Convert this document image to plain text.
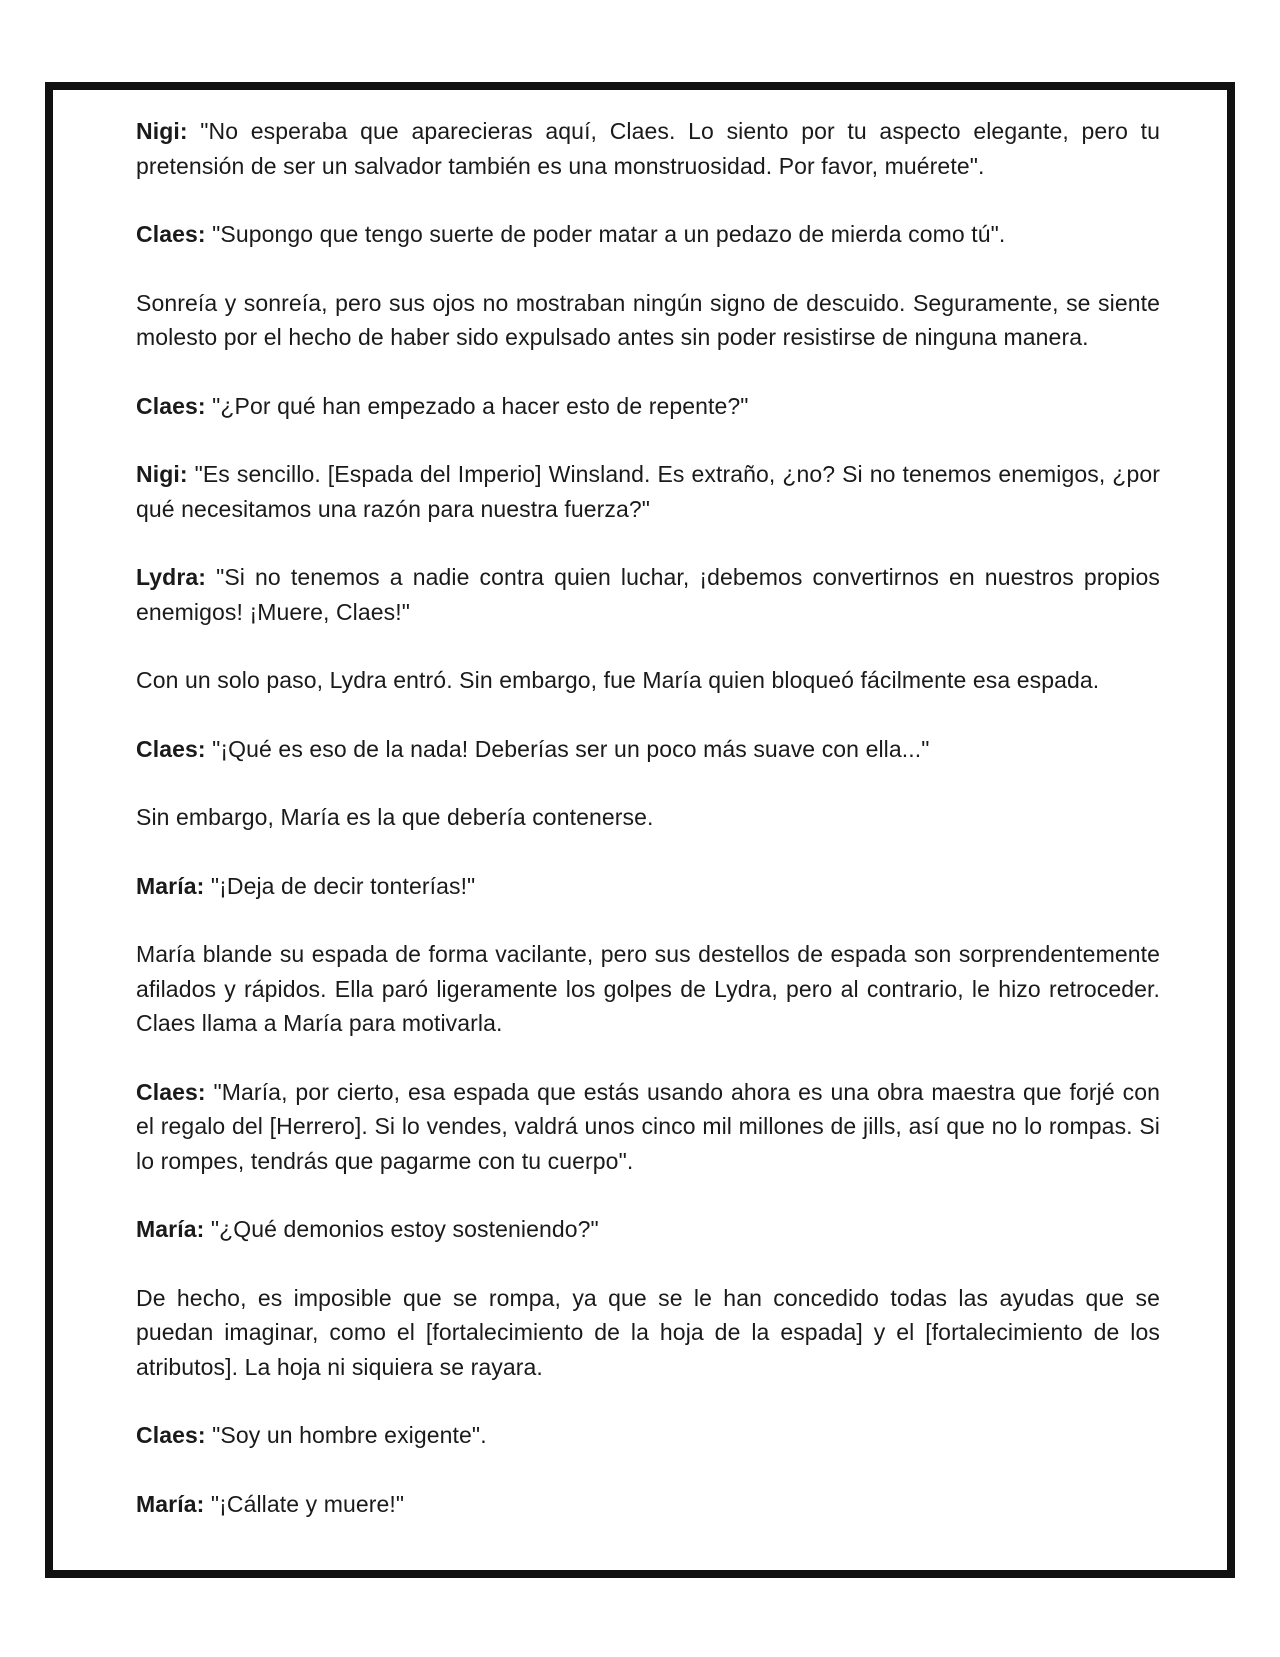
Nigi: "No esperaba que aparecieras aquí, Claes. Lo siento por tu aspecto elegante, pero tu pretensión de ser un salvador también es una monstruosidad. Por favor, muérete".

Claes: "Supongo que tengo suerte de poder matar a un pedazo de mierda como tú".

Sonreía y sonreía, pero sus ojos no mostraban ningún signo de descuido. Seguramente, se siente molesto por el hecho de haber sido expulsado antes sin poder resistirse de ninguna manera.

Claes: "¿Por qué han empezado a hacer esto de repente?"

Nigi: "Es sencillo. [Espada del Imperio] Winsland. Es extraño, ¿no? Si no tenemos enemigos, ¿por qué necesitamos una razón para nuestra fuerza?"

Lydra: "Si no tenemos a nadie contra quien luchar, ¡debemos convertirnos en nuestros propios enemigos! ¡Muere, Claes!"

Con un solo paso, Lydra entró. Sin embargo, fue María quien bloqueó fácilmente esa espada.

Claes: "¡Qué es eso de la nada! Deberías ser un poco más suave con ella..."

Sin embargo, María es la que debería contenerse.

María: "¡Deja de decir tonterías!"

María blande su espada de forma vacilante, pero sus destellos de espada son sorprendentemente afilados y rápidos. Ella paró ligeramente los golpes de Lydra, pero al contrario, le hizo retroceder. Claes llama a María para motivarla.

Claes: "María, por cierto, esa espada que estás usando ahora es una obra maestra que forjé con el regalo del [Herrero]. Si lo vendes, valdrá unos cinco mil millones de jills, así que no lo rompas. Si lo rompes, tendrás que pagarme con tu cuerpo".

María: "¿Qué demonios estoy sosteniendo?"

De hecho, es imposible que se rompa, ya que se le han concedido todas las ayudas que se puedan imaginar, como el [fortalecimiento de la hoja de la espada] y el [fortalecimiento de los atributos]. La hoja ni siquiera se rayara.

Claes: "Soy un hombre exigente".

María: "¡Cállate y muere!"
